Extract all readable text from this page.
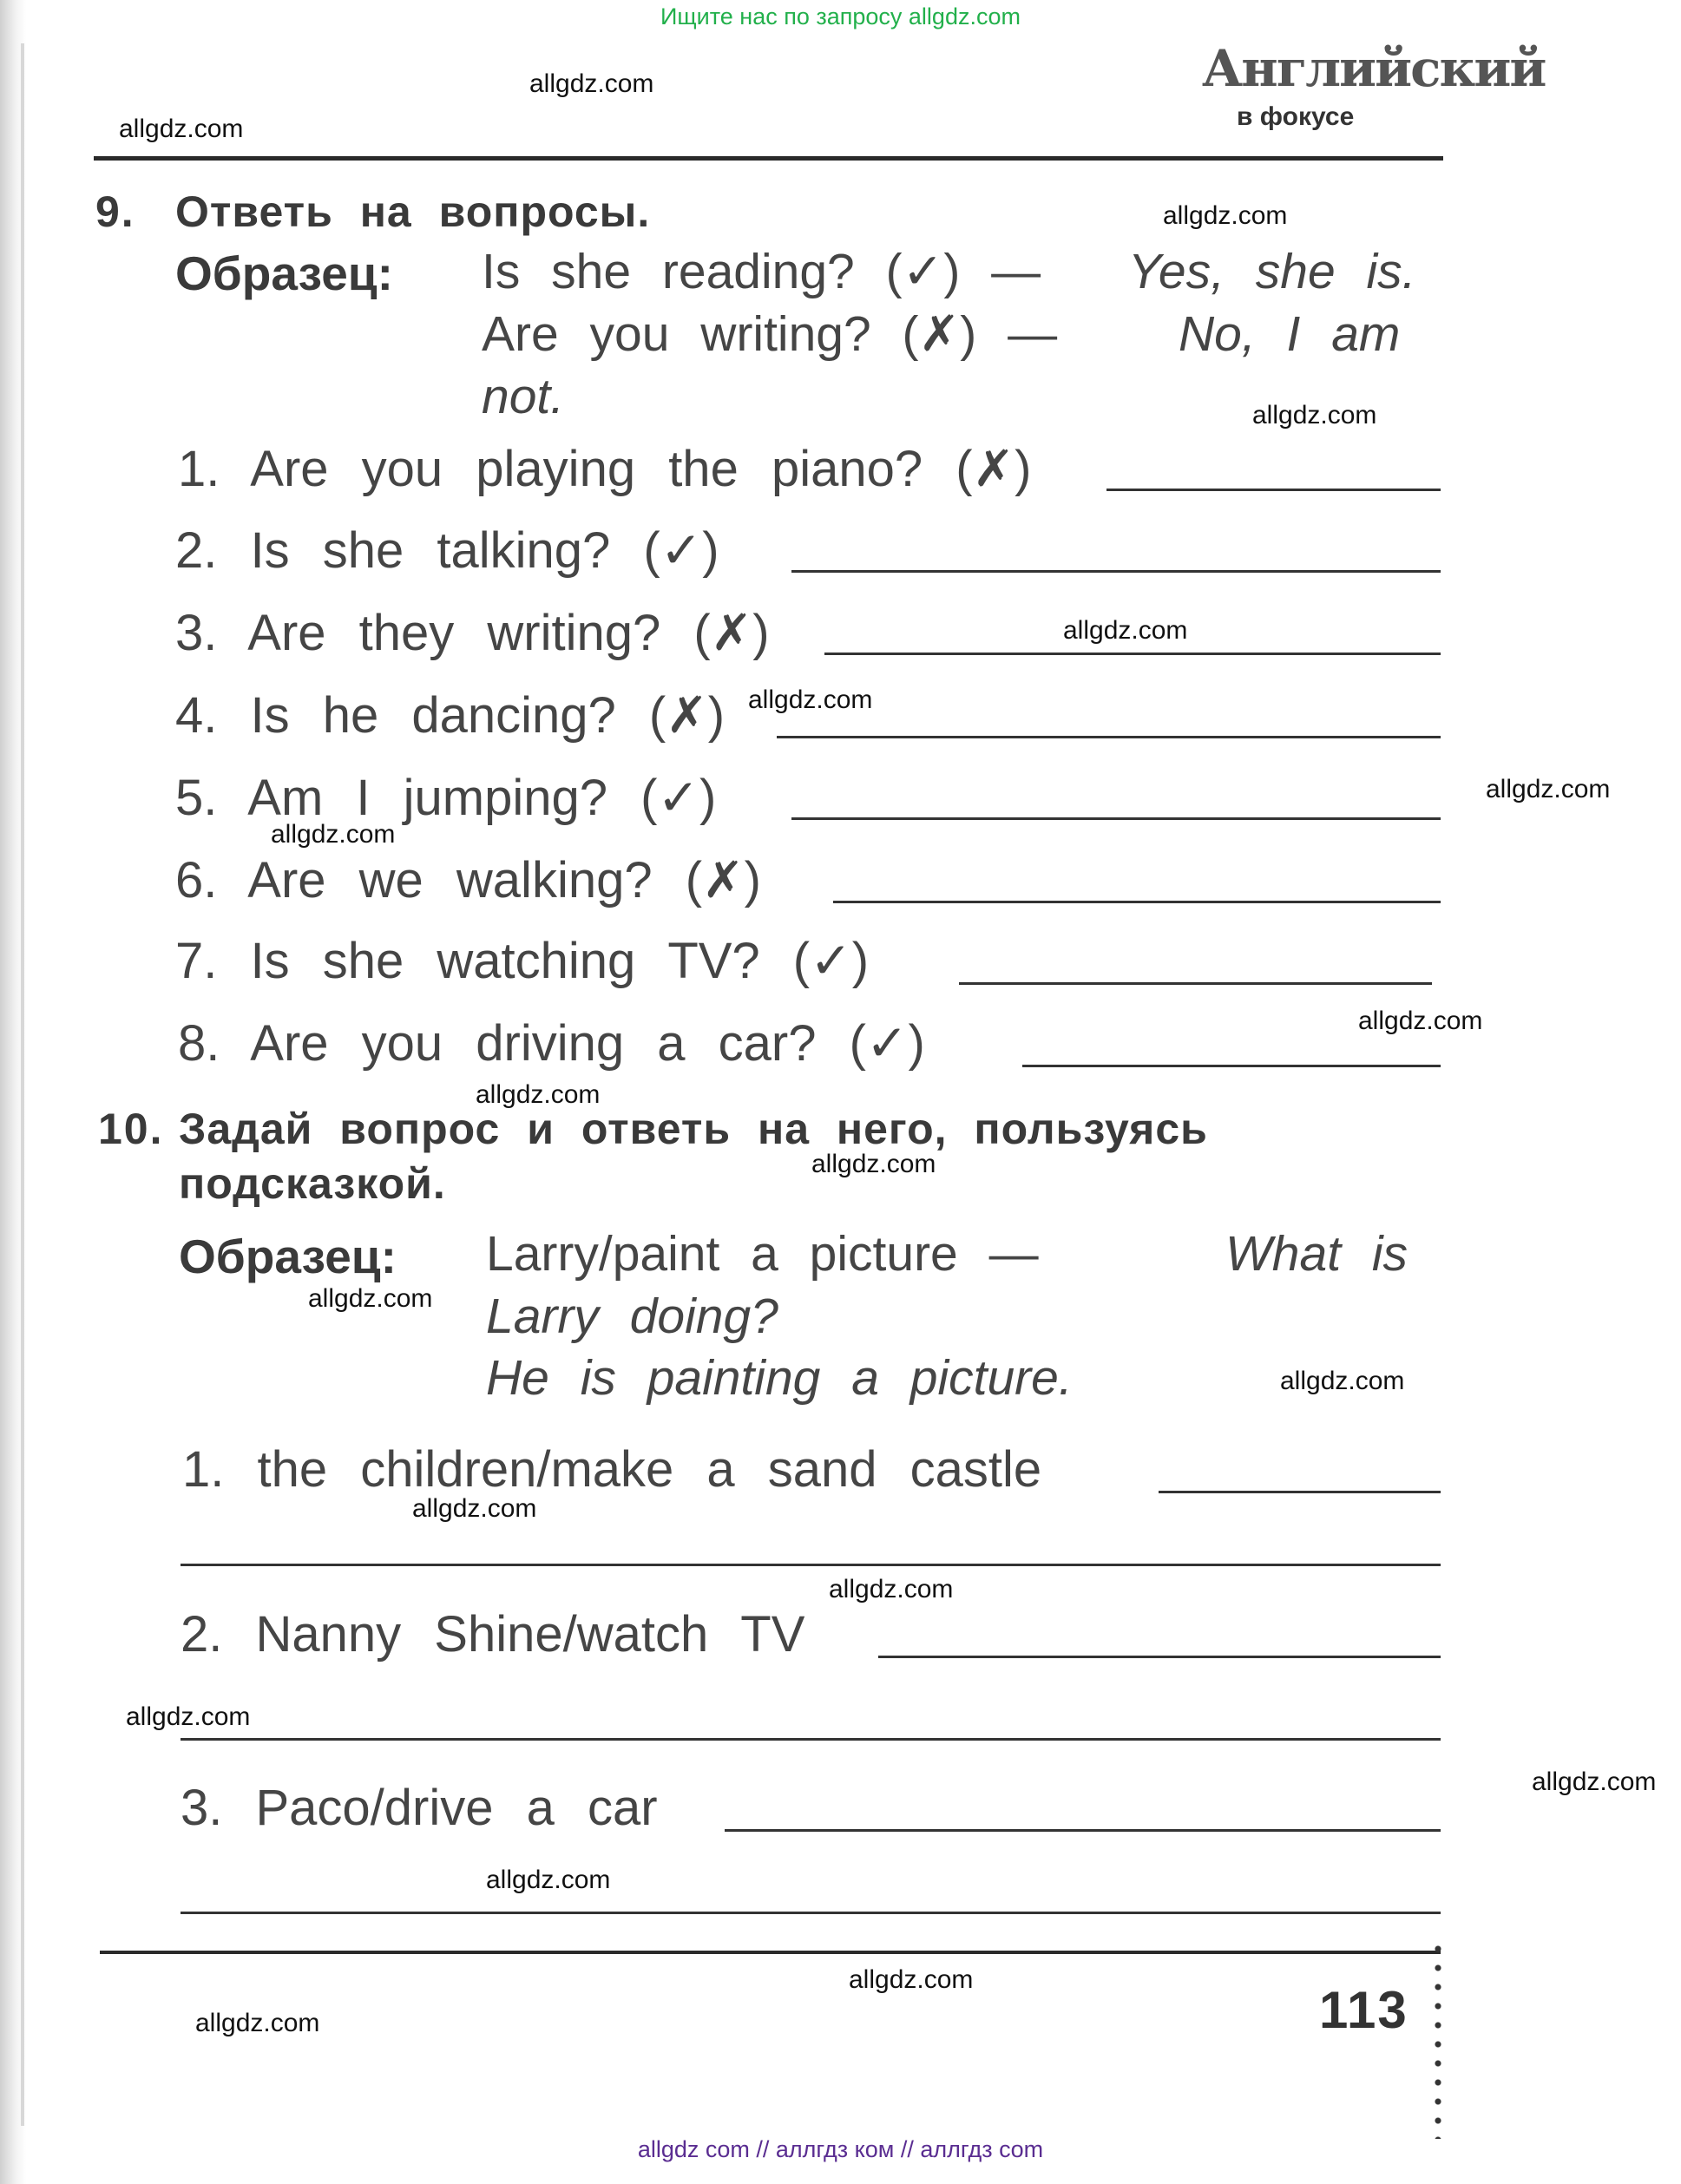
Ищите нас по запросу allgdz.com
allgdz.com
allgdz.com
allgdz.com
allgdz.com
allgdz.com
allgdz.com
allgdz.com
allgdz.com
allgdz.com
allgdz.com
allgdz.com
allgdz.com
allgdz.com
allgdz.com
allgdz.com
allgdz.com
allgdz.com
allgdz.com
allgdz.com
allgdz.com
Английский
в фокусе
9. Ответь на вопросы.
Образец: Is she reading? (✓) — Yes, she is.
Are you writing? (✗) — No, I am
not.
1. Are you playing the piano? (✗)
2. Is she talking? (✓)
3. Are they writing? (✗)
4. Is he dancing? (✗)
5. Am I jumping? (✓)
6. Are we walking? (✗)
7. Is she watching TV? (✓)
8. Are you driving a car? (✓)
10. Задай вопрос и ответь на него, пользуясь
подсказкой.
Образец: Larry/paint a picture —	What is
Larry doing?
He is painting a picture.
1. the children/make a sand castle
2. Nanny Shine/watch TV
3. Paco/drive a car
113
allgdz com // аллгдз ком // аллгдз com
